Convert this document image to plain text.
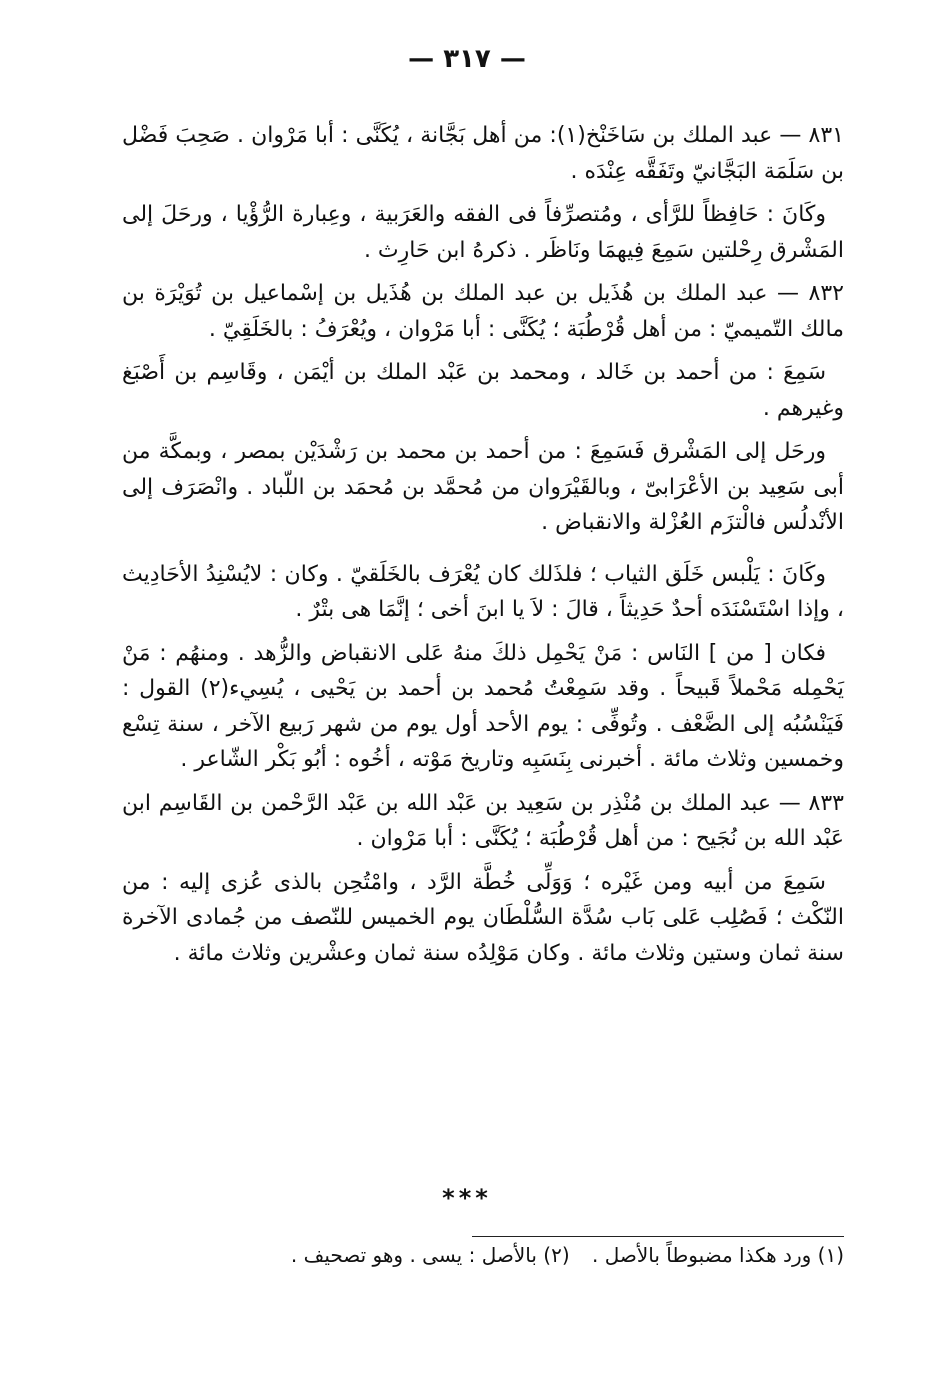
— ٣١٧ —

٨٣١ — عبد الملك بن سَاخَنْخ(١): من أهل بَجَّانة ، يُكَنَّى : أبا مَرْوان . صَحِبَ فَضْل بن سَلَمَة البَجَّانيّ وتَفَقَّه عِنْدَه .

وكَانَ : حَافِظاً للرَّأى ، ومُتصرِّفاً فى الفقه والعَرَبية ، وعِبارة الرُّؤْيا ، ورحَلَ إلى المَشْرق رِحْلتين سَمِعَ فِيهمَا ونَاظَر . ذكرهُ ابن حَارِث .

٨٣٢ — عبد الملك بن هُذَيل بن عبد الملك بن هُذَيل بن إسْماعيل بن تُوَيْرَة بن مالك التّميميّ : من أهل قُرْطُبَة ؛ يُكَنَّى : أبا مَرْوان ، ويُعْرَفُ : بالخَلَقِيّ .

سَمِعَ : من أحمد بن خَالد ، ومحمد بن عَبْد الملك بن أيْمَن ، وقَاسِم بن أَصْبَغ وغيرهم .

ورحَل إلى المَشْرق فَسَمِعَ : من أحمد بن محمد بن رَشْدَيْن بمصر ، وبمكَّة من أبى سَعِيد بن الأعْرَابىّ ، وبالقَيْرَوان من مُحمَّد بن مُحمَد بن اللّباد . وانْصَرَف إلى الأنْدلُس فالْتزَم العُزْلة والانقباض .

وكَانَ : يَلْبس خَلَق الثياب ؛ فلذَلك كان يُعْرَف بالخَلَقيّ . وكان : لايُسْنِدُ الأحَادِيث ، وإذا اسْتَسْنَدَه أحدٌ حَدِيثاً ، قالَ : لاَ يا ابنَ أخى ؛ إنَّمَا هى بتْرٌ .

فكان [ من ] النَاس : مَنْ يَحْمِل ذلكَ منهُ عَلى الانقباض والزُّهد . ومنهُم : مَنْ يَحْمِله مَحْملاً قَبيحاً . وقد سَمِعْتُ مُحمد بن أحمد بن يَحْيى ، يُسِيء(٢) القول : فَيَنْسُبُه إلى الضَّعْف . وتُوفِّى : يوم الأحد أول يوم من شهر رَبيع الآخر ، سنة تِسْع وخمسين وثلاث مائة . أخبرنى بِنَسَبِه وتاريخ مَوْته ، أخُوه : أبُو بَكْر الشّاعر .

٨٣٣ — عبد الملك بن مُنْذِر بن سَعِيد بن عَبْد الله بن عَبْد الرَّحْمن بن القَاسِم ابن عَبْد الله بن نُجَيح : من أهل قُرْطُبَة ؛ يُكَنَّى : أبا مَرْوان .

سَمِعَ من أبيه ومن غَيْره ؛ وَوَلِّى خُطَّة الرَّد ، وامْتُحِن بالذى عُزى إليه : من النّكْث ؛ فَصُلِب عَلى بَاب سُدَّة السُّلْطَان يوم الخميس للنّصف من جُمادى الآخرة سنة ثمان وستين وثلاث مائة . وكان مَوْلِدُه سنة ثمان وعشْرين وثلاث مائة .

***
(١) ورد هكذا مضبوطاً بالأصل . (٢) بالأصل : يسى . وهو تصحيف .
